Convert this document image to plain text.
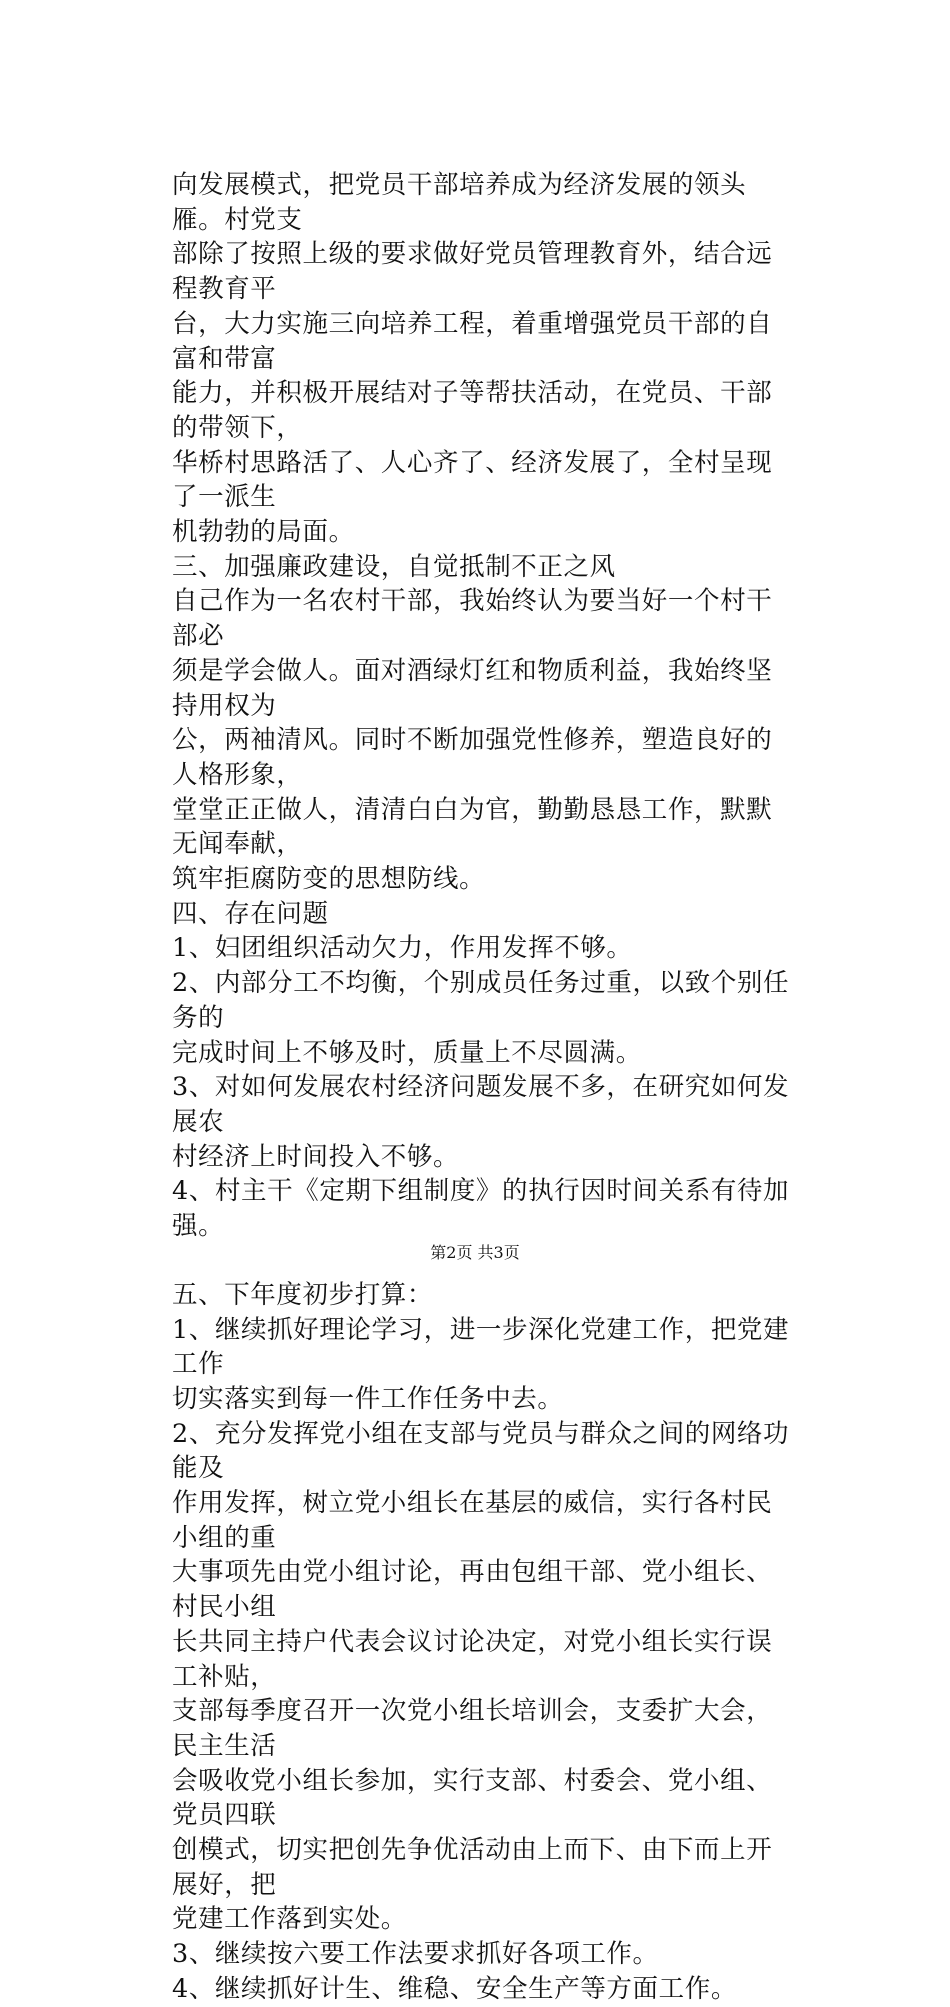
向发展模式，把党员干部培养成为经济发展的领头雁。村党支
部除了按照上级的要求做好党员管理教育外，结合远程教育平
台，大力实施三向培养工程，着重增强党员干部的自富和带富
能力，并积极开展结对子等帮扶活动，在党员、干部的带领下，
华桥村思路活了、人心齐了、经济发展了，全村呈现了一派生
机勃勃的局面。

三、加强廉政建设，自觉抵制不正之风

自己作为一名农村干部，我始终认为要当好一个村干部必
须是学会做人。面对酒绿灯红和物质利益，我始终坚持用权为
公，两袖清风。同时不断加强党性修养，塑造良好的人格形象，
堂堂正正做人，清清白白为官，勤勤恳恳工作，默默无闻奉献，
筑牢拒腐防变的思想防线。

四、存在问题

1、妇团组织活动欠力，作用发挥不够。

2、内部分工不均衡，个别成员任务过重，以致个别任务的
完成时间上不够及时，质量上不尽圆满。

3、对如何发展农村经济问题发展不多，在研究如何发展农
村经济上时间投入不够。

4、村主干《定期下组制度》的执行因时间关系有待加强。

五、下年度初步打算：

1、继续抓好理论学习，进一步深化党建工作，把党建工作
切实落实到每一件工作任务中去。

2、充分发挥党小组在支部与党员与群众之间的网络功能及
作用发挥，树立党小组长在基层的威信，实行各村民小组的重
大事项先由党小组讨论，再由包组干部、党小组长、村民小组
长共同主持户代表会议讨论决定，对党小组长实行误工补贴，
支部每季度召开一次党小组长培训会，支委扩大会，民主生活
会吸收党小组长参加，实行支部、村委会、党小组、党员四联
创模式，切实把创先争优活动由上而下、由下而上开展好，把
党建工作落到实处。

3、继续按六要工作法要求抓好各项工作。

4、继续抓好计生、维稳、安全生产等方面工作。

第2页 共3页
